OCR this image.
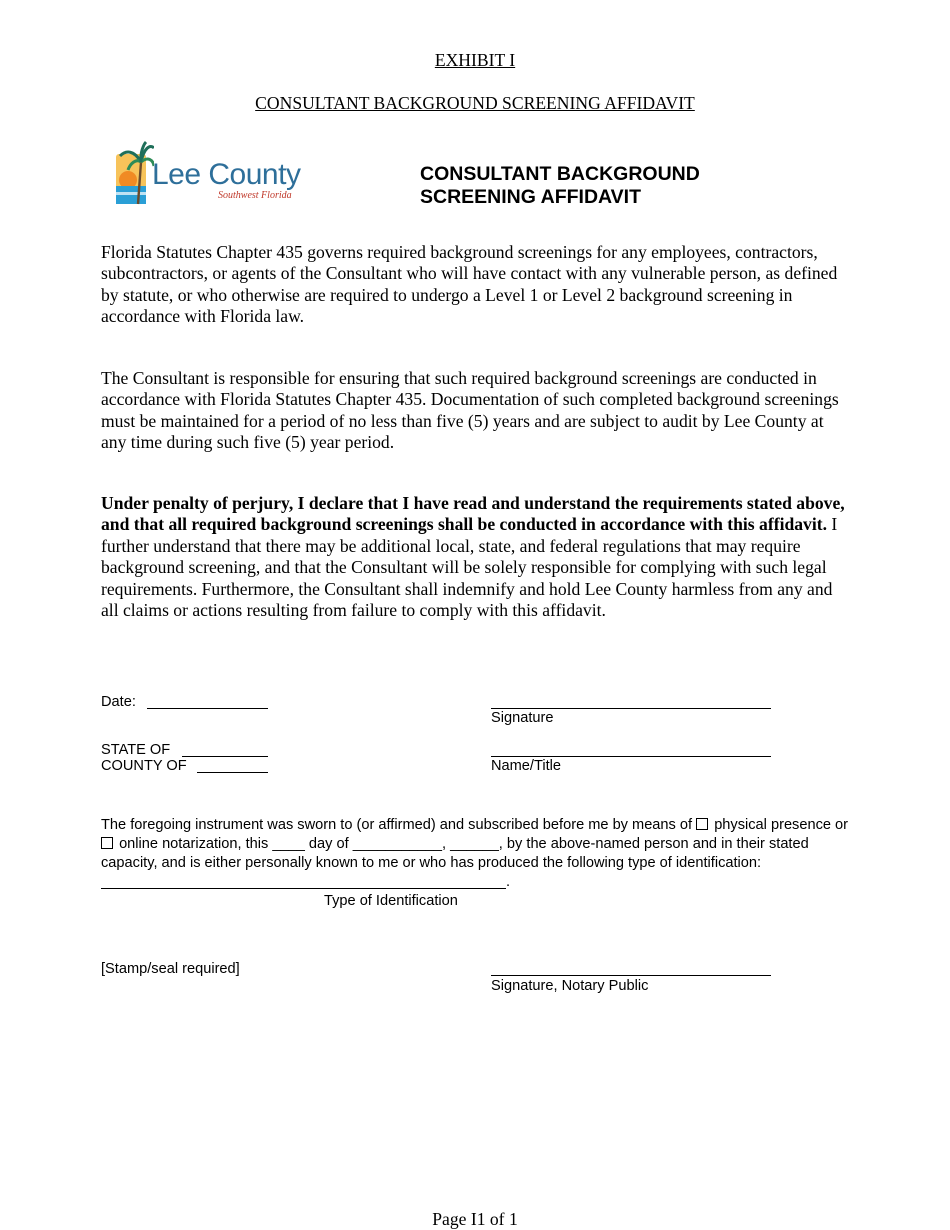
EXHIBIT I
CONSULTANT BACKGROUND SCREENING AFFIDAVIT
Lee County
Southwest Florida
CONSULTANT BACKGROUND
SCREENING AFFIDAVIT
Florida Statutes Chapter 435 governs required background screenings for any employees, contractors, subcontractors, or agents of the Consultant who will have contact with any vulnerable person, as defined by statute, or who otherwise are required to undergo a Level 1 or Level 2 background screening in accordance with Florida law.
The Consultant is responsible for ensuring that such required background screenings are conducted in accordance with Florida Statutes Chapter 435. Documentation of such completed background screenings must be maintained for a period of no less than five (5) years and are subject to audit by Lee County at any time during such five (5) year period.
Under penalty of perjury, I declare that I have read and understand the requirements stated above, and that all required background screenings shall be conducted in accordance with this affidavit. I further understand that there may be additional local, state, and federal regulations that may require background screening, and that the Consultant will be solely responsible for complying with such legal requirements. Furthermore, the Consultant shall indemnify and hold Lee County harmless from any and all claims or actions resulting from failure to comply with this affidavit.
Date:
Signature
STATE OF
COUNTY OF	Name/Title
The foregoing instrument was sworn to (or affirmed) and subscribed before me by means of  physical presence or  online notarization, this ____ day of ___________, ______, by the above-named person and in their stated capacity, and is either personally known to me or who has produced the following type of identification: .
Type of Identification
[Stamp/seal required]
Signature, Notary Public
Page I1 of 1
